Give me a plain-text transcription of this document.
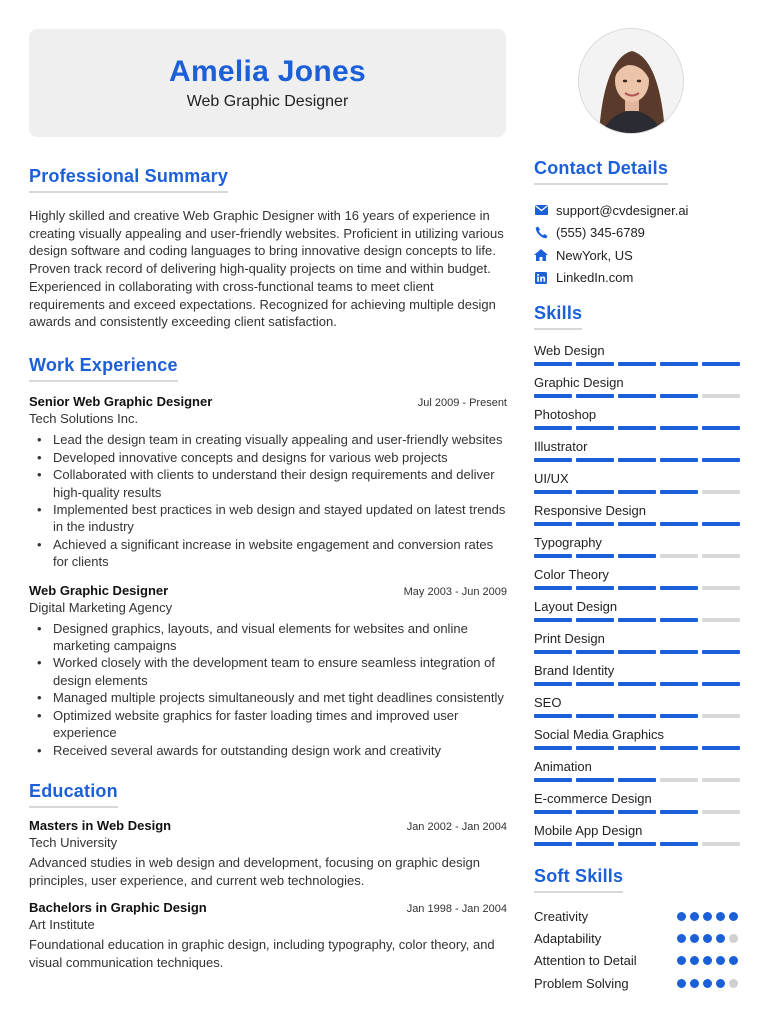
Amelia Jones
Web Graphic Designer
Professional Summary

Highly skilled and creative Web Graphic Designer with 16 years of experience in creating visually appealing and user-friendly websites. Proficient in utilizing various design software and coding languages to bring innovative design concepts to life. Proven track record of delivering high-quality projects on time and within budget. Experienced in collaborating with cross-functional teams to meet client requirements and exceed expectations. Recognized for achieving multiple design awards and consistently exceeding client satisfaction.

Work Experience
Senior Web Graphic Designer	Jul 2009 - Present
Tech Solutions Inc.
• Lead the design team in creating visually appealing and user-friendly websites
• Developed innovative concepts and designs for various web projects
• Collaborated with clients to understand their design requirements and deliver high-quality results
• Implemented best practices in web design and stayed updated on latest trends in the industry
• Achieved a significant increase in website engagement and conversion rates for clients
Web Graphic Designer	May 2003 - Jun 2009
Digital Marketing Agency
• Designed graphics, layouts, and visual elements for websites and online marketing campaigns
• Worked closely with the development team to ensure seamless integration of design elements
• Managed multiple projects simultaneously and met tight deadlines consistently
• Optimized website graphics for faster loading times and improved user experience
• Received several awards for outstanding design work and creativity
Education
Masters in Web Design	Jan 2002 - Jan 2004
Tech University

Advanced studies in web design and development, focusing on graphic design principles, user experience, and current web technologies.

Bachelors in Graphic Design	Jan 1998 - Jan 2004
Art Institute

Foundational education in graphic design, including typography, color theory, and visual communication techniques.

Contact Details
support@cvdesigner.ai
(555) 345-6789
NewYork, US
LinkedIn.com
Skills
Web Design
Graphic Design
Photoshop
Illustrator
UI/UX
Responsive Design
Typography
Color Theory
Layout Design
Print Design
Brand Identity
SEO
Social Media Graphics
Animation
E-commerce Design
Mobile App Design
Soft Skills
Creativity
Adaptability
Attention to Detail
Problem Solving
